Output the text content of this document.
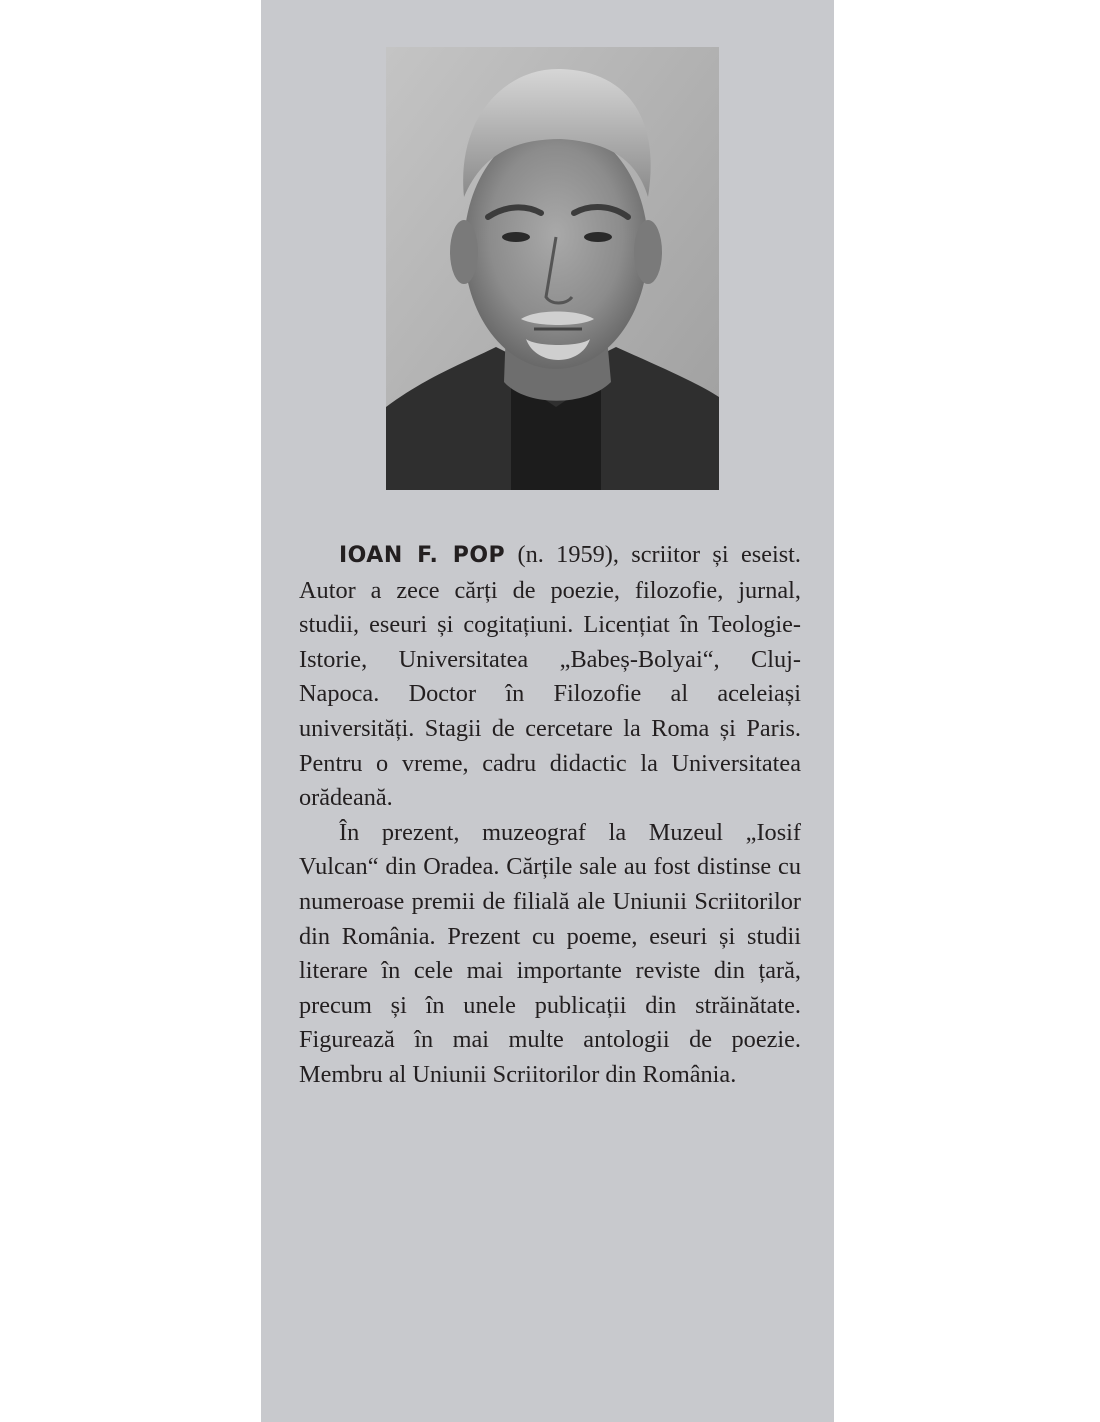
IOAN F. POP (n. 1959), scriitor și eseist. Autor a zece cărți de poezie, filozofie, jurnal, studii, eseuri și cogitațiuni. Licențiat în Teologie-Istorie, Universitatea „Babeș-Bolyai“, Cluj-Napoca. Doctor în Filozofie al aceleiași universități. Stagii de cercetare la Roma și Paris. Pentru o vreme, cadru didactic la Universitatea orădeană.

În prezent, muzeograf la Muzeul „Iosif Vulcan“ din Oradea. Cărțile sale au fost distinse cu numeroase premii de filială ale Uniunii Scriitorilor din România. Prezent cu poeme, eseuri și studii literare în cele mai importante reviste din țară, precum și în unele publicații din străinătate. Figurează în mai multe antologii de poezie. Membru al Uniunii Scriitorilor din România.
